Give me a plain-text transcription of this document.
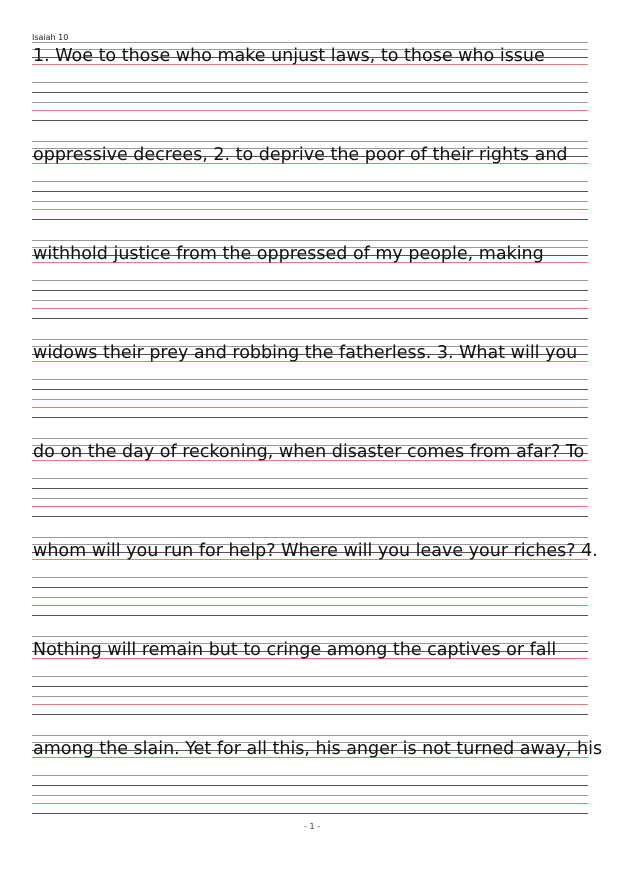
Isaiah 10
1. Woe to those who make unjust laws, to those who issue
oppressive decrees, 2. to deprive the poor of their rights and
withhold justice from the oppressed of my people, making
widows their prey and robbing the fatherless. 3. What will you
do on the day of reckoning, when disaster comes from afar? To
whom will you run for help? Where will you leave your riches? 4.
Nothing will remain but to cringe among the captives or fall
among the slain. Yet for all this, his anger is not turned away, his
- 1 -
